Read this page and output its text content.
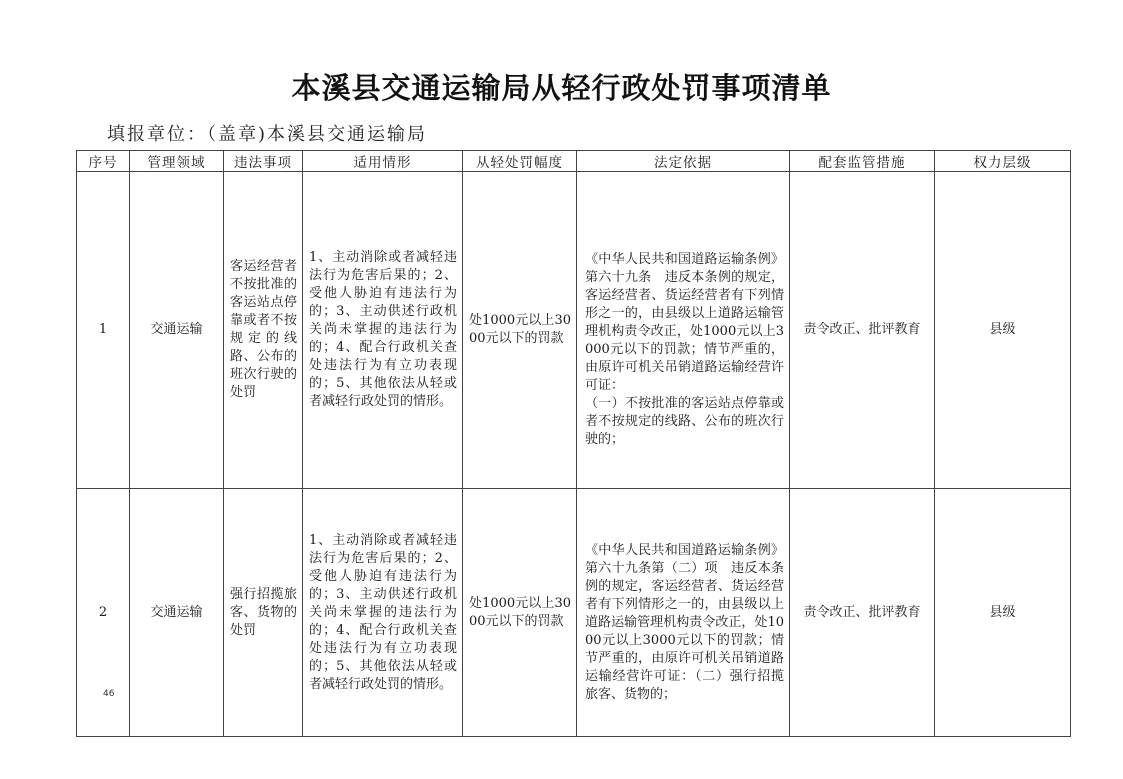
本溪县交通运输局从轻行政处罚事项清单
填报章位：（盖章)本溪县交通运输局
序号	管理领域	违法事项	适用情形	从轻处罚幅度	法定依据	配套监管措施	权力层级
1	交通运输	客运经营者不按批准的客运站点停靠或者不按规定的线路、公布的班次行驶的处罚	1、主动消除或者减轻违法行为危害后果的；2、受他人胁迫有违法行为的；3、主动供述行政机关尚未掌握的违法行为的；4、配合行政机关查处违法行为有立功表现的；5、其他依法从轻或者减轻行政处罚的情形。	处1000元以上3000元以下的罚款	《中华人民共和国道路运输条例》第六十九条　违反本条例的规定，客运经营者、货运经营者有下列情形之一的，由县级以上道路运输管理机构责令改正，处1000元以上3000元以下的罚款；情节严重的，由原许可机关吊销道路运输经营许可证：
（一）不按批准的客运站点停靠或者不按规定的线路、公布的班次行驶的；	责令改正、批评教育	县级
2	交通运输	强行招揽旅客、货物的处罚	1、主动消除或者减轻违法行为危害后果的；2、受他人胁迫有违法行为的；3、主动供述行政机关尚未掌握的违法行为的；4、配合行政机关查处违法行为有立功表现的；5、其他依法从轻或者减轻行政处罚的情形。	处1000元以上3000元以下的罚款	《中华人民共和国道路运输条例》第六十九条第（二）项　违反本条例的规定，客运经营者、货运经营者有下列情形之一的，由县级以上道路运输管理机构责令改正，处1000元以上3000元以下的罚款；情节严重的，由原许可机关吊销道路运输经营许可证：（二）强行招揽旅客、货物的；	责令改正、批评教育	县级
46
